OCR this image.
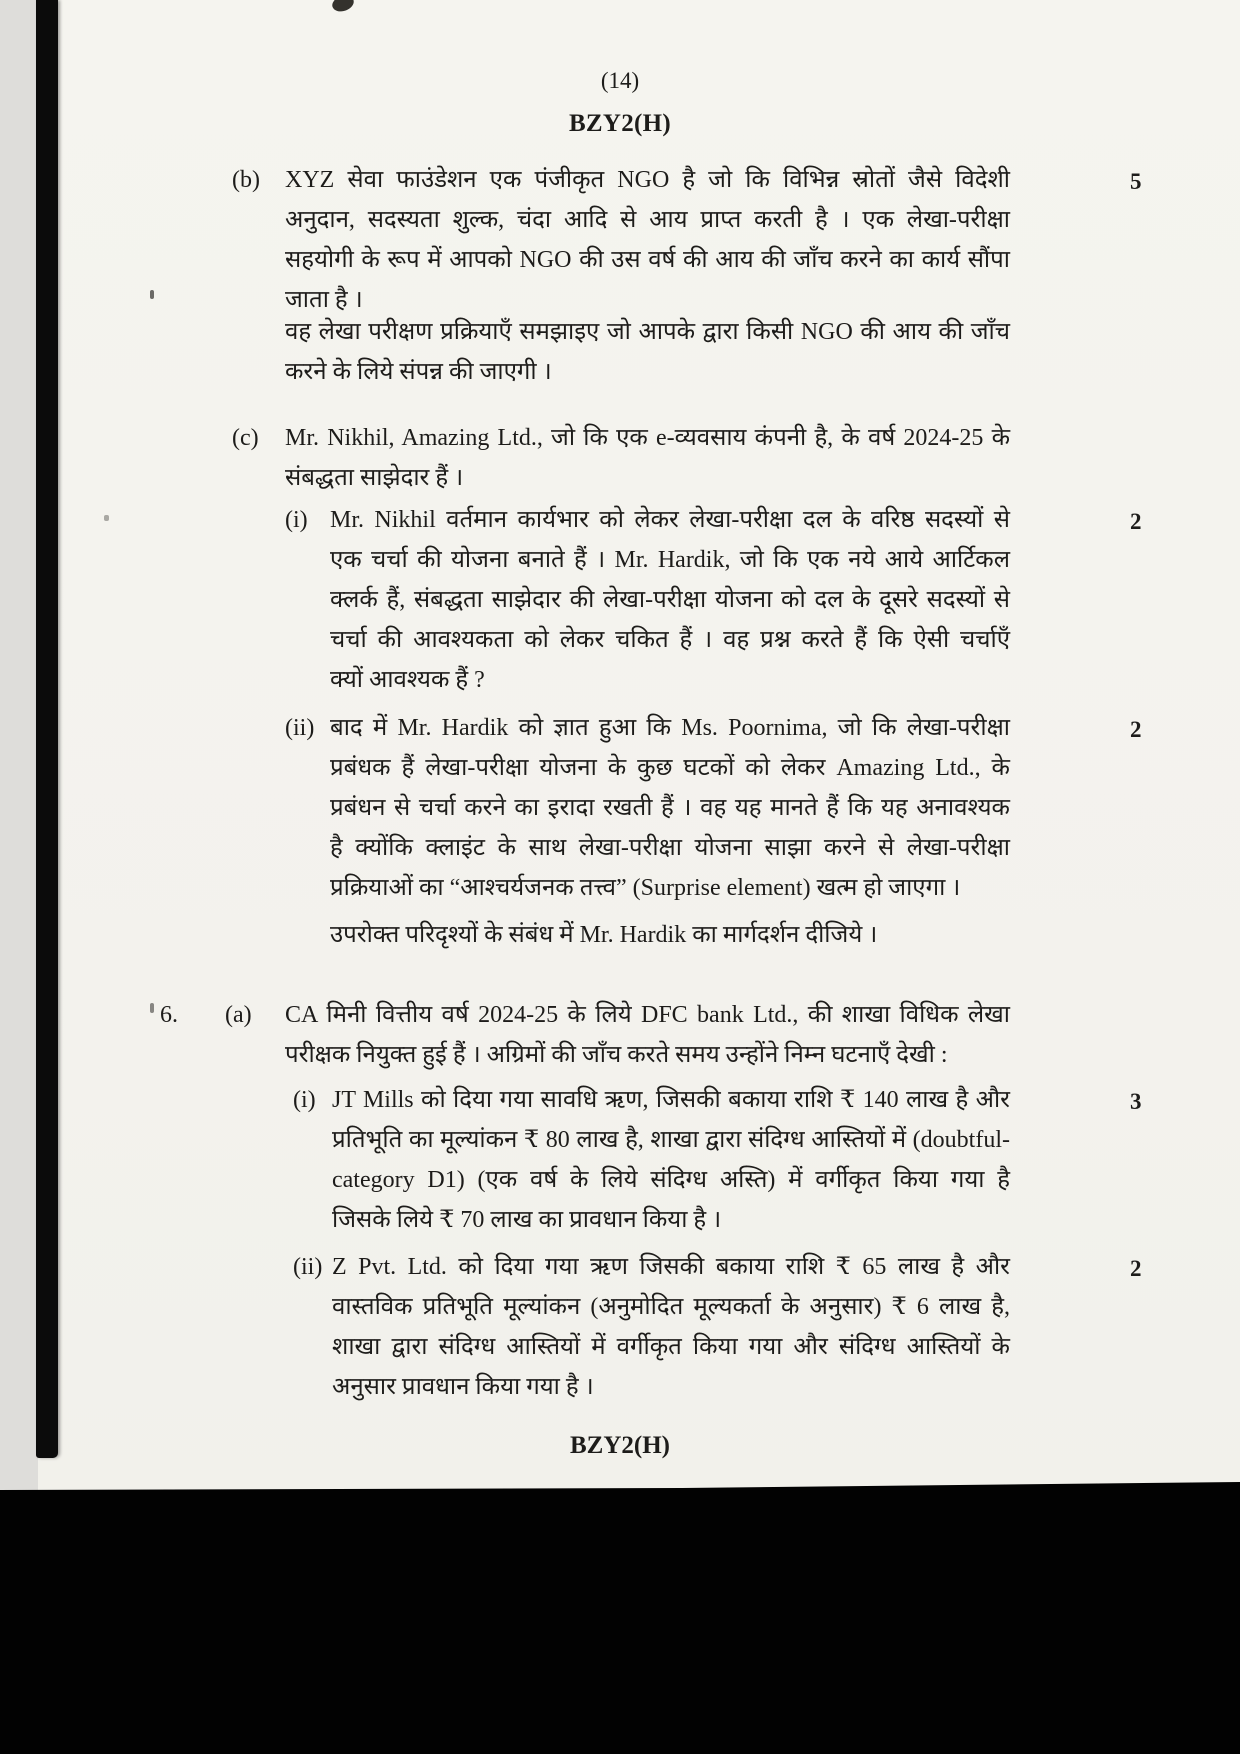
(14)
BZY2(H)
(b) XYZ सेवा फाउंडेशन एक पंजीकृत NGO है जो कि विभिन्न स्रोतों जैसे विदेशी
अनुदान, सदस्यता शुल्क, चंदा आदि से आय प्राप्त करती है । एक लेखा-परीक्षा
सहयोगी के रूप में आपको NGO की उस वर्ष की आय की जाँच करने का कार्य सौंपा
जाता है ।
5
वह लेखा परीक्षण प्रक्रियाएँ समझाइए जो आपके द्वारा किसी NGO की आय की जाँच
करने के लिये संपन्न की जाएगी ।
(c) Mr. Nikhil, Amazing Ltd., जो कि एक e-व्यवसाय कंपनी है, के वर्ष 2024-25 के
संबद्धता साझेदार हैं ।
(i) Mr. Nikhil वर्तमान कार्यभार को लेकर लेखा-परीक्षा दल के वरिष्ठ सदस्यों से
एक चर्चा की योजना बनाते हैं । Mr. Hardik, जो कि एक नये आये आर्टिकल
क्लर्क हैं, संबद्धता साझेदार की लेखा-परीक्षा योजना को दल के दूसरे सदस्यों से
चर्चा की आवश्यकता को लेकर चकित हैं । वह प्रश्न करते हैं कि ऐसी चर्चाएँ
क्यों आवश्यक हैं ?
2
(ii) बाद में Mr. Hardik को ज्ञात हुआ कि Ms. Poornima, जो कि लेखा-परीक्षा
प्रबंधक हैं लेखा-परीक्षा योजना के कुछ घटकों को लेकर Amazing Ltd., के
प्रबंधन से चर्चा करने का इरादा रखती हैं । वह यह मानते हैं कि यह अनावश्यक
है क्योंकि क्लाइंट के साथ लेखा-परीक्षा योजना साझा करने से लेखा-परीक्षा
प्रक्रियाओं का “आश्चर्यजनक तत्त्व” (Surprise element) खत्म हो जाएगा ।
2
उपरोक्त परिदृश्यों के संबंध में Mr. Hardik का मार्गदर्शन दीजिये ।
6. (a) CA मिनी वित्तीय वर्ष 2024-25 के लिये DFC bank Ltd., की शाखा विधिक लेखा
परीक्षक नियुक्त हुई हैं । अग्रिमों की जाँच करते समय उन्होंने निम्न घटनाएँ देखी :
(i) JT Mills को दिया गया सावधि ऋण, जिसकी बकाया राशि ₹ 140 लाख है और
प्रतिभूति का मूल्यांकन ₹ 80 लाख है, शाखा द्वारा संदिग्ध आस्तियों में (doubtful-
category D1) (एक वर्ष के लिये संदिग्ध अस्ति) में वर्गीकृत किया गया है
जिसके लिये ₹ 70 लाख का प्रावधान किया है ।
3
(ii) Z Pvt. Ltd. को दिया गया ऋण जिसकी बकाया राशि ₹ 65 लाख है और
वास्तविक प्रतिभूति मूल्यांकन (अनुमोदित मूल्यकर्ता के अनुसार) ₹ 6 लाख है,
शाखा द्वारा संदिग्ध आस्तियों में वर्गीकृत किया गया और संदिग्ध आस्तियों के
अनुसार प्रावधान किया गया है ।
2
BZY2(H)
